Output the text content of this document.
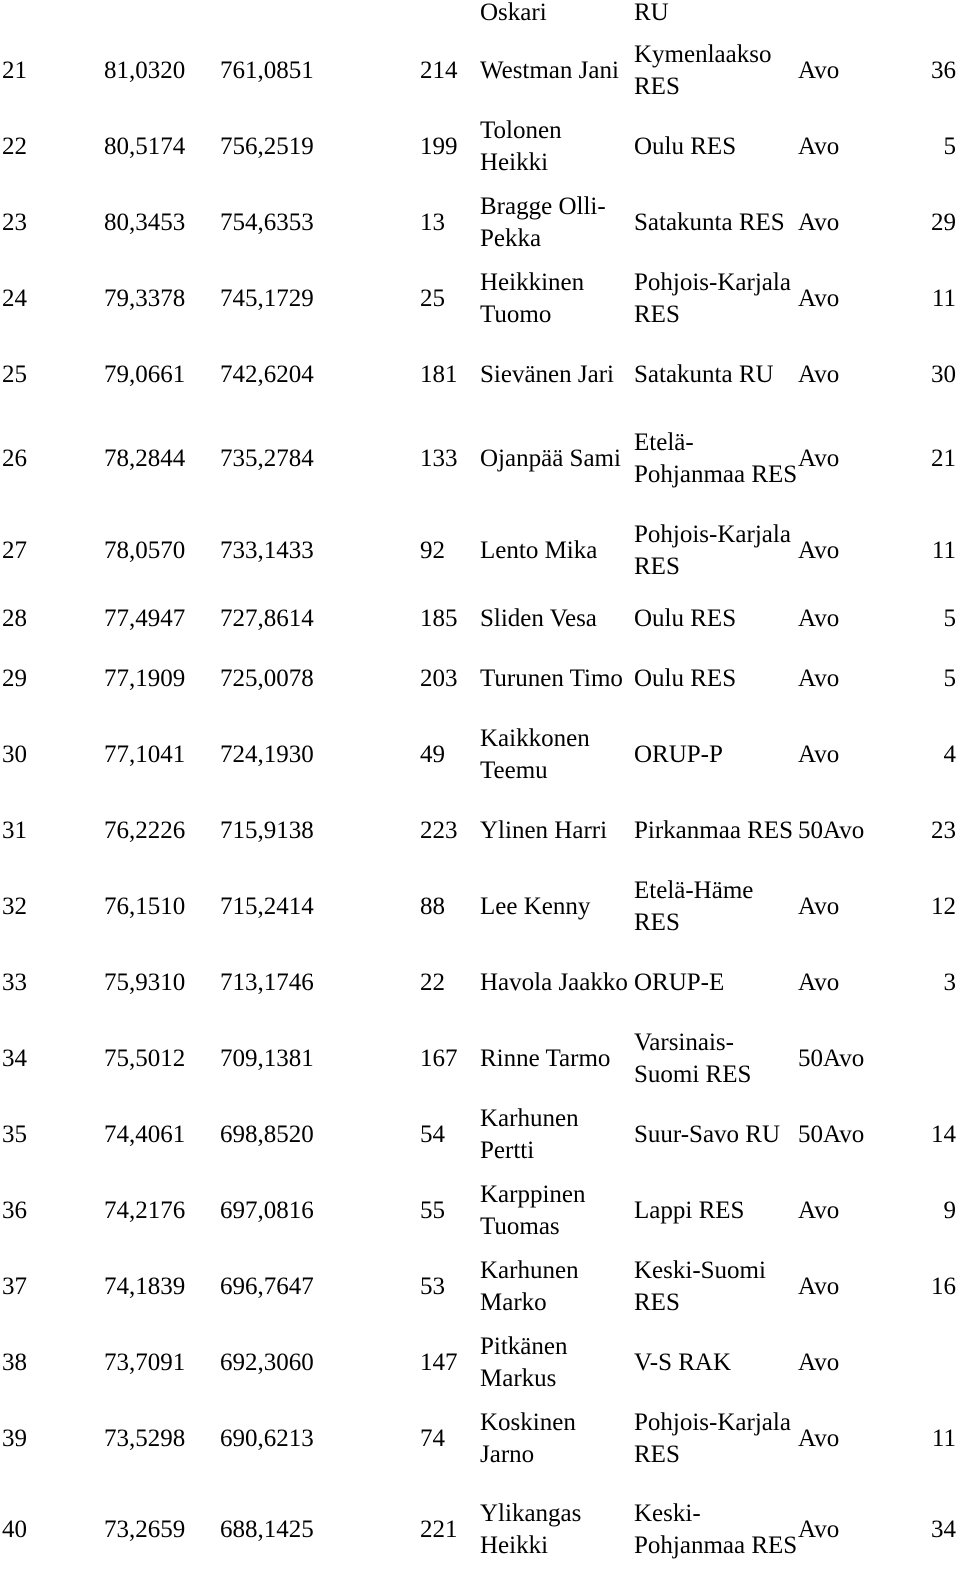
Oskari	RU
21	81,0320	761,0851	214	Westman Jani	Kymenlaakso RES	Avo	36
22	80,5174	756,2519	199	Tolonen Heikki	Oulu RES	Avo	5
23	80,3453	754,6353	13	Bragge Olli-Pekka	Satakunta RES	Avo	29
24	79,3378	745,1729	25	Heikkinen Tuomo	Pohjois-Karjala RES	Avo	11
25	79,0661	742,6204	181	Sievänen Jari	Satakunta RU	Avo	30
26	78,2844	735,2784	133	Ojanpää Sami	Etelä-Pohjanmaa RES	Avo	21
27	78,0570	733,1433	92	Lento Mika	Pohjois-Karjala RES	Avo	11
28	77,4947	727,8614	185	Sliden Vesa	Oulu RES	Avo	5
29	77,1909	725,0078	203	Turunen Timo	Oulu RES	Avo	5
30	77,1041	724,1930	49	Kaikkonen Teemu	ORUP-P	Avo	4
31	76,2226	715,9138	223	Ylinen Harri	Pirkanmaa RES	50Avo	23
32	76,1510	715,2414	88	Lee Kenny	Etelä-Häme RES	Avo	12
33	75,9310	713,1746	22	Havola Jaakko	ORUP-E	Avo	3
34	75,5012	709,1381	167	Rinne Tarmo	Varsinais-Suomi RES	50Avo	
35	74,4061	698,8520	54	Karhunen Pertti	Suur-Savo RU	50Avo	14
36	74,2176	697,0816	55	Karppinen Tuomas	Lappi RES	Avo	9
37	74,1839	696,7647	53	Karhunen Marko	Keski-Suomi RES	Avo	16
38	73,7091	692,3060	147	Pitkänen Markus	V-S RAK	Avo	
39	73,5298	690,6213	74	Koskinen Jarno	Pohjois-Karjala RES	Avo	11
40	73,2659	688,1425	221	Ylikangas Heikki	Keski-Pohjanmaa RES	Avo	34
